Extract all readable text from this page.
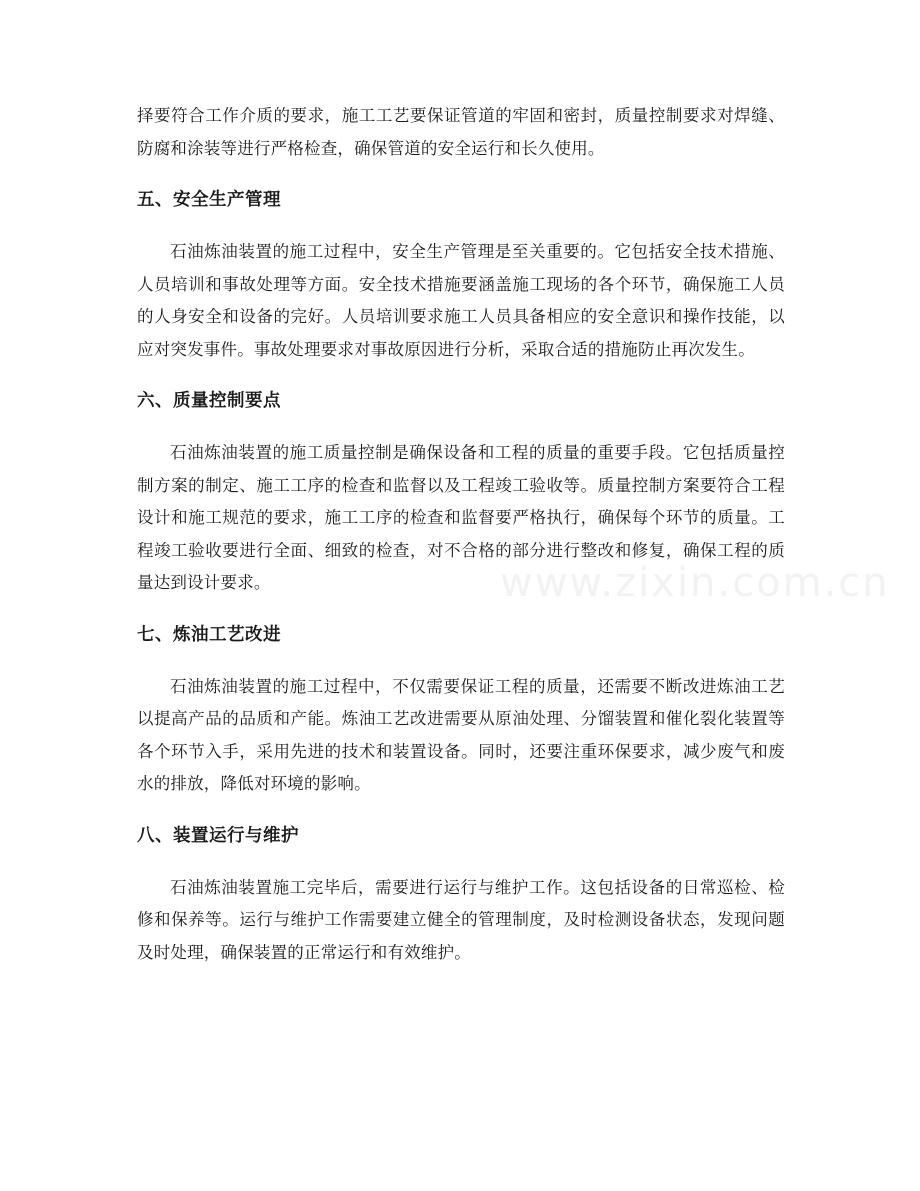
www.zixin.com.cn

择要符合工作介质的要求，施工工艺要保证管道的牢固和密封，质量控制要求对焊缝、防腐和涂装等进行严格检查，确保管道的安全运行和长久使用。

五、安全生产管理

石油炼油装置的施工过程中，安全生产管理是至关重要的。它包括安全技术措施、人员培训和事故处理等方面。安全技术措施要涵盖施工现场的各个环节，确保施工人员的人身安全和设备的完好。人员培训要求施工人员具备相应的安全意识和操作技能，以应对突发事件。事故处理要求对事故原因进行分析，采取合适的措施防止再次发生。

六、质量控制要点

石油炼油装置的施工质量控制是确保设备和工程的质量的重要手段。它包括质量控制方案的制定、施工工序的检查和监督以及工程竣工验收等。质量控制方案要符合工程设计和施工规范的要求，施工工序的检查和监督要严格执行，确保每个环节的质量。工程竣工验收要进行全面、细致的检查，对不合格的部分进行整改和修复，确保工程的质量达到设计要求。

七、炼油工艺改进

石油炼油装置的施工过程中，不仅需要保证工程的质量，还需要不断改进炼油工艺以提高产品的品质和产能。炼油工艺改进需要从原油处理、分馏装置和催化裂化装置等各个环节入手，采用先进的技术和装置设备。同时，还要注重环保要求，减少废气和废水的排放，降低对环境的影响。

八、装置运行与维护

石油炼油装置施工完毕后，需要进行运行与维护工作。这包括设备的日常巡检、检修和保养等。运行与维护工作需要建立健全的管理制度，及时检测设备状态，发现问题及时处理，确保装置的正常运行和有效维护。
